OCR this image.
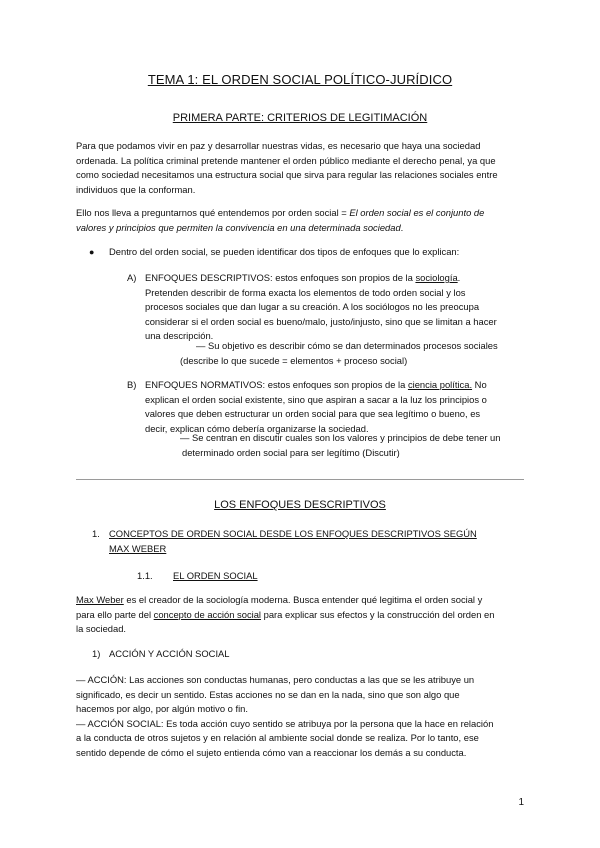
TEMA 1: EL ORDEN SOCIAL POLÍTICO-JURÍDICO
PRIMERA PARTE: CRITERIOS DE LEGITIMACIÓN
Para que podamos vivir en paz y desarrollar nuestras vidas, es necesario que haya una sociedad
ordenada. La política criminal pretende mantener el orden público mediante el derecho penal, ya que
como sociedad necesitamos una estructura social que sirva para regular las relaciones sociales entre
individuos que la conforman.
Ello nos lleva a preguntarnos qué entendemos por orden social = El orden social es el conjunto de
valores y principios que permiten la convivencia en una determinada sociedad.
● Dentro del orden social, se pueden identificar dos tipos de enfoques que lo explican:
A) ENFOQUES DESCRIPTIVOS: estos enfoques son propios de la sociología.
Pretenden describir de forma exacta los elementos de todo orden social y los
procesos sociales que dan lugar a su creación. A los sociólogos no les preocupa
considerar si el orden social es bueno/malo, justo/injusto, sino que se limitan a hacer
una descripción.
— Su objetivo es describir cómo se dan determinados procesos sociales
(describe lo que sucede = elementos + proceso social)
B) ENFOQUES NORMATIVOS: estos enfoques son propios de la ciencia política. No
explican el orden social existente, sino que aspiran a sacar a la luz los principios o
valores que deben estructurar un orden social para que sea legítimo o bueno, es
decir, explican cómo debería organizarse la sociedad.
— Se centran en discutir cuales son los valores y principios de debe tener un
determinado orden social para ser legítimo (Discutir)
LOS ENFOQUES DESCRIPTIVOS
1. CONCEPTOS DE ORDEN SOCIAL DESDE LOS ENFOQUES DESCRIPTIVOS SEGÚN
MAX WEBER
1.1. EL ORDEN SOCIAL
Max Weber es el creador de la sociología moderna. Busca entender qué legitima el orden social y
para ello parte del concepto de acción social para explicar sus efectos y la construcción del orden en
la sociedad.
1) ACCIÓN Y ACCIÓN SOCIAL
— ACCIÓN: Las acciones son conductas humanas, pero conductas a las que se les atribuye un
significado, es decir un sentido. Estas acciones no se dan en la nada, sino que son algo que
hacemos por algo, por algún motivo o fin.
— ACCIÓN SOCIAL: Es toda acción cuyo sentido se atribuya por la persona que la hace en relación
a la conducta de otros sujetos y en relación al ambiente social donde se realiza. Por lo tanto, ese
sentido depende de cómo el sujeto entienda cómo van a reaccionar los demás a su conducta.
1
